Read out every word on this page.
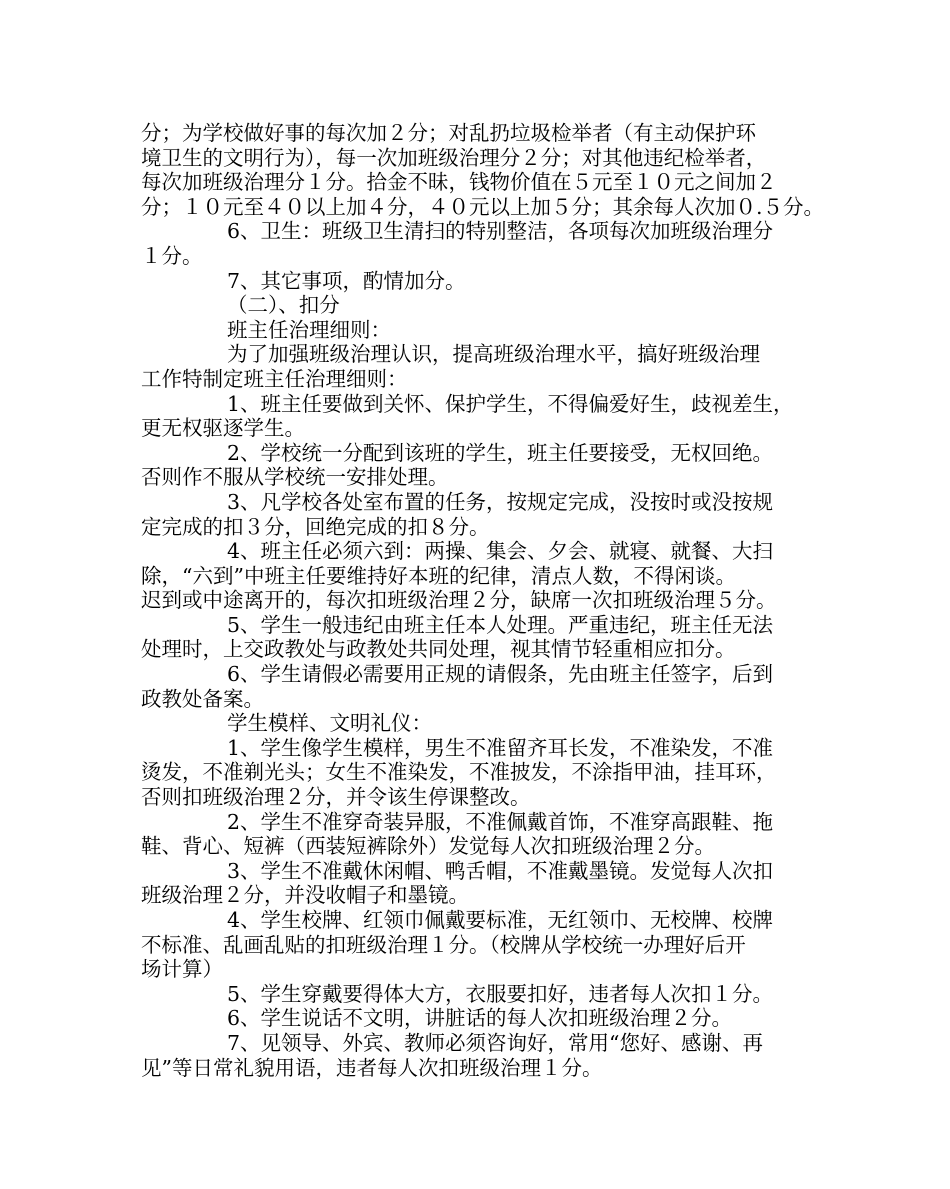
分；为学校做好事的每次加２分；对乱扔垃圾检举者（有主动保护环
境卫生的文明行为），每一次加班级治理分２分；对其他违纪检举者，
每次加班级治理分１分。拾金不昧，钱物价值在５元至１０元之间加２
分；１０元至４０以上加４分，４０元以上加５分；其余每人次加０.５分。
6、卫生：班级卫生清扫的特别整洁，各项每次加班级治理分
１分。
7、其它事项，酌情加分。
（二）、扣分
班主任治理细则：
为了加强班级治理认识，提高班级治理水平，搞好班级治理
工作特制定班主任治理细则：
1、班主任要做到关怀、保护学生，不得偏爱好生，歧视差生，
更无权驱逐学生。
2、学校统一分配到该班的学生，班主任要接受，无权回绝。
否则作不服从学校统一安排处理。
3、凡学校各处室布置的任务，按规定完成，没按时或没按规
定完成的扣３分，回绝完成的扣８分。
4、班主任必须六到：两操、集会、夕会、就寝、就餐、大扫
除，“六到”中班主任要维持好本班的纪律，清点人数，不得闲谈。
迟到或中途离开的，每次扣班级治理２分，缺席一次扣班级治理５分。
5、学生一般违纪由班主任本人处理。严重违纪，班主任无法
处理时，上交政教处与政教处共同处理，视其情节轻重相应扣分。
6、学生请假必需要用正规的请假条，先由班主任签字，后到
政教处备案。
学生模样、文明礼仪：
1、学生像学生模样，男生不准留齐耳长发，不准染发，不准
烫发，不准剃光头；女生不准染发，不准披发，不涂指甲油，挂耳环，
否则扣班级治理２分，并令该生停课整改。
2、学生不准穿奇装异服，不准佩戴首饰，不准穿高跟鞋、拖
鞋、背心、短裤（西装短裤除外）发觉每人次扣班级治理２分。
3、学生不准戴休闲帽、鸭舌帽，不准戴墨镜。发觉每人次扣
班级治理２分，并没收帽子和墨镜。
4、学生校牌、红领巾佩戴要标准，无红领巾、无校牌、校牌
不标准、乱画乱贴的扣班级治理１分。（校牌从学校统一办理好后开
场计算）
5、学生穿戴要得体大方，衣服要扣好，违者每人次扣１分。
6、学生说话不文明，讲脏话的每人次扣班级治理２分。
7、见领导、外宾、教师必须咨询好，常用“您好、感谢、再
见”等日常礼貌用语，违者每人次扣班级治理１分。
